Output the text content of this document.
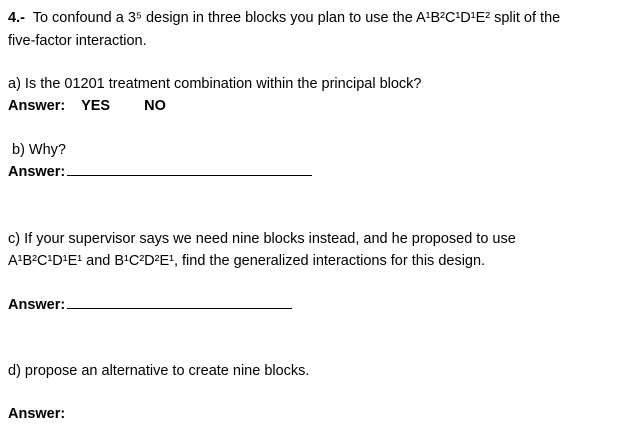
4.- To confound a 3⁵ design in three blocks you plan to use the A¹B²C¹D¹E² split of the
five-factor interaction.
a) Is the 01201 treatment combination within the principal block?
Answer: YES NO
b) Why?
Answer:
c) If your supervisor says we need nine blocks instead, and he proposed to use
A¹B²C¹D¹E¹ and B¹C²D²E¹, find the generalized interactions for this design.
Answer:
d) propose an alternative to create nine blocks.
Answer:
